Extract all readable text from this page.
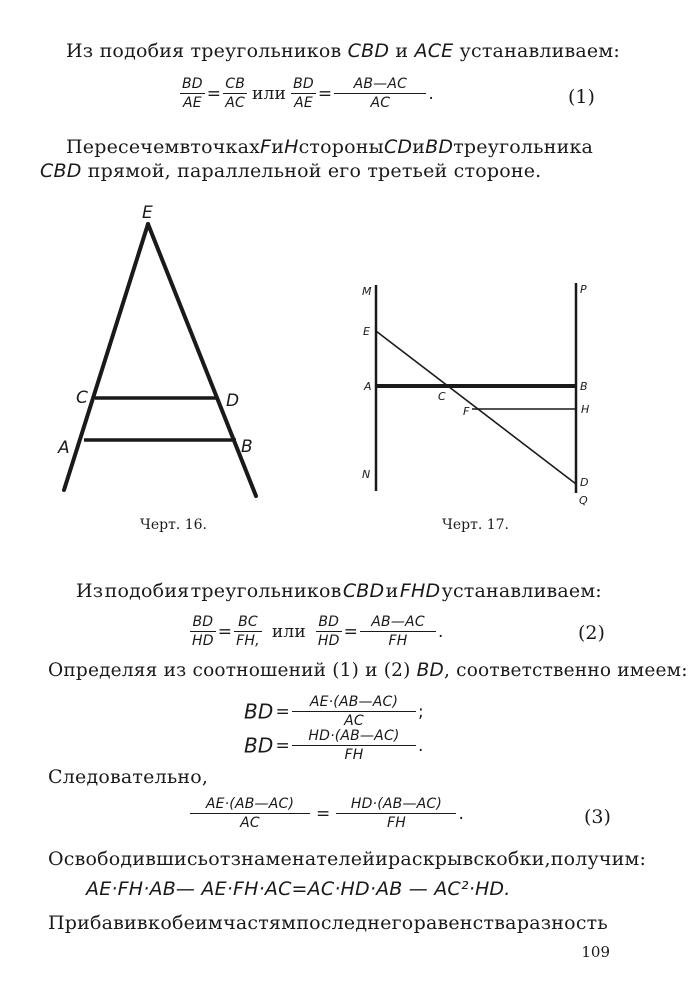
Из подобия треугольников CBD и ACE устанавливаем:
$\frac{BD}{AE} = \frac{CB}{AC}$ или $\frac{BD}{AE} = \frac{AB—AC}{AC}$ .	(1)
Пересечем в точках F и H стороны CD и BD треугольника
CBD прямой, параллельной его третьей стороне.
E
C	D
A	B
Черт. 16.
M	P
E
A	B
C
F	H
N
D
Q
Черт. 17.
Из подобия треугольников CBD и FHD устанавливаем:
$\frac{BD}{HD} = \frac{BC}{FH,}$ или $\frac{BD}{HD} = \frac{AB—AC}{FH}$ .	(2)
Определяя из соотношений (1) и (2) BD, соответственно имеем:
BD = $\frac{AE\cdot(AB—AC)}{AC}$ ;
BD = $\frac{HD\cdot(AB—AC)}{FH}$ .
Следовательно,
$\frac{AE\cdot(AB—AC)}{AC} = \frac{HD\cdot(AB—AC)}{FH}$ .	(3)
Освободившись от знаменателей и раскрыв скобки, получим:
AE·FH·AB— AE·FH·AC=AC·HD·AB — AC²·HD.
Прибавив к обеим частям последнего равенства разность
109
